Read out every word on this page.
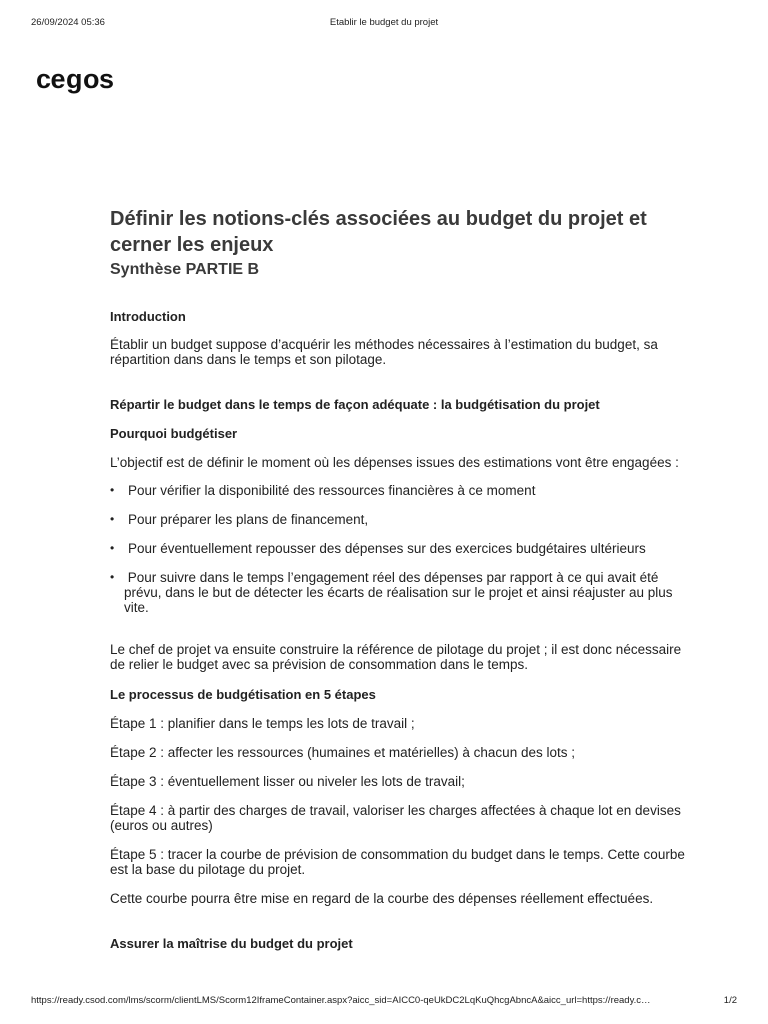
26/09/2024 05:36	Etablir le budget du projet
ce g os
Définir les notions-clés associées au budget du projet et cerner les enjeux
Synthèse PARTIE B
Introduction

Établir un budget suppose d’acquérir les méthodes nécessaires à l’estimation du budget, sa répartition dans dans le temps et son pilotage.

Répartir le budget dans le temps de façon adéquate : la budgétisation du projet
Pourquoi budgétiser

L’objectif est de définir le moment où les dépenses issues des estimations vont être engagées :

• Pour vérifier la disponibilité des ressources financières à ce moment
• Pour préparer les plans de financement,
• Pour éventuellement repousser des dépenses sur des exercices budgétaires ultérieurs
• Pour suivre dans le temps l’engagement réel des dépenses par rapport à ce qui avait été prévu, dans le but de détecter les écarts de réalisation sur le projet et ainsi réajuster au plus vite.

Le chef de projet va ensuite construire la référence de pilotage du projet ; il est donc nécessaire de relier le budget avec sa prévision de consommation dans le temps.

Le processus de budgétisation en 5 étapes

Étape 1 : planifier dans le temps les lots de travail ;

Étape 2 : affecter les ressources (humaines et matérielles) à chacun des lots ;

Étape 3 : éventuellement lisser ou niveler les lots de travail;

Étape 4 : à partir des charges de travail, valoriser les charges affectées à chaque lot en devises (euros ou autres)

Étape 5 : tracer la courbe de prévision de consommation du budget dans le temps. Cette courbe est la base du pilotage du projet.

Cette courbe pourra être mise en regard de la courbe des dépenses réellement effectuées.

Assurer la maîtrise du budget du projet
https://ready.csod.com/lms/scorm/clientLMS/Scorm12IframeContainer.aspx?aicc_sid=AICC0-qeUkDC2LqKuQhcgAbncA&aicc_url=https://ready.c…	1/2
